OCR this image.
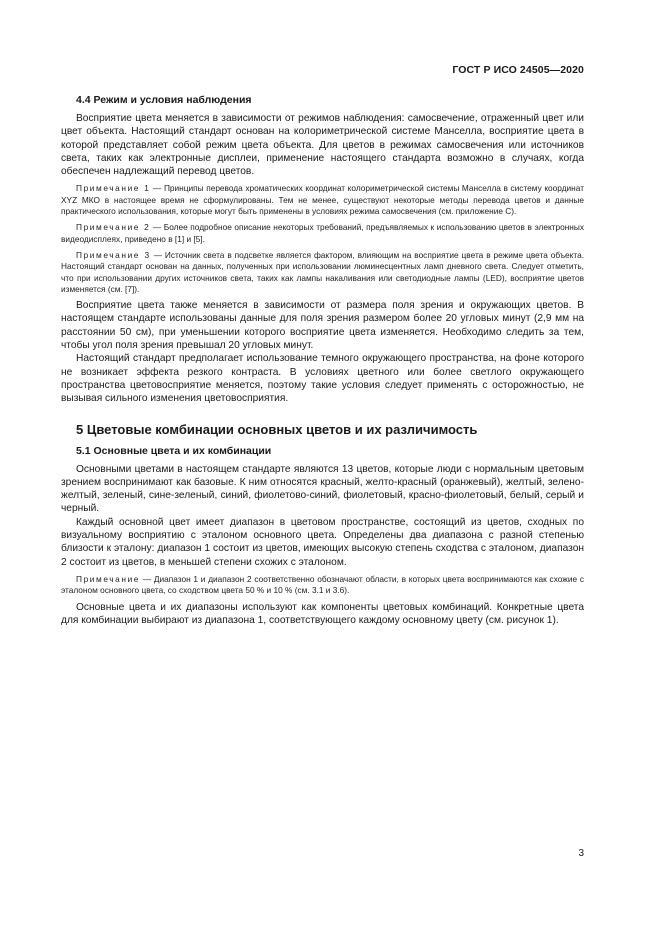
ГОСТ Р ИСО 24505—2020
4.4 Режим и условия наблюдения

Восприятие цвета меняется в зависимости от режимов наблюдения: самосвечение, отраженный цвет или цвет объекта. Настоящий стандарт основан на колориметрической системе Манселла, восприятие цвета в которой представляет собой режим цвета объекта. Для цветов в режимах самосвечения или источников света, таких как электронные дисплеи, применение настоящего стандарта возможно в случаях, когда обеспечен надлежащий перевод цветов.

Примечание 1 — Принципы перевода хроматических координат колориметрической системы Манселла в систему координат XYZ МКО в настоящее время не сформулированы. Тем не менее, существуют некоторые методы перевода цветов и данные практического использования, которые могут быть применены в условиях режима самосвечения (см. приложение С).

Примечание 2 — Более подробное описание некоторых требований, предъявляемых к использованию цветов в электронных видеодисплеях, приведено в [1] и [5].

Примечание 3 — Источник света в подсветке является фактором, влияющим на восприятие цвета в режиме цвета объекта. Настоящий стандарт основан на данных, полученных при использовании люминесцентных ламп дневного света. Следует отметить, что при использовании других источников света, таких как лампы накаливания или светодиодные лампы (LED), восприятие цветов изменяется (см. [7]).

Восприятие цвета также меняется в зависимости от размера поля зрения и окружающих цветов. В настоящем стандарте использованы данные для поля зрения размером более 20 угловых минут (2,9 мм на расстоянии 50 см), при уменьшении которого восприятие цвета изменяется. Необходимо следить за тем, чтобы угол поля зрения превышал 20 угловых минут.

Настоящий стандарт предполагает использование темного окружающего пространства, на фоне которого не возникает эффекта резкого контраста. В условиях цветного или более светлого окружающего пространства цветовосприятие меняется, поэтому такие условия следует применять с осторожностью, не вызывая сильного изменения цветовосприятия.

5 Цветовые комбинации основных цветов и их различимость
5.1 Основные цвета и их комбинации

Основными цветами в настоящем стандарте являются 13 цветов, которые люди с нормальным цветовым зрением воспринимают как базовые. К ним относятся красный, желто-красный (оранжевый), желтый, зелено-желтый, зеленый, сине-зеленый, синий, фиолетово-синий, фиолетовый, красно-фиолетовый, белый, серый и черный.

Каждый основной цвет имеет диапазон в цветовом пространстве, состоящий из цветов, сходных по визуальному восприятию с эталоном основного цвета. Определены два диапазона с разной степенью близости к эталону: диапазон 1 состоит из цветов, имеющих высокую степень сходства с эталоном, диапазон 2 состоит из цветов, в меньшей степени схожих с эталоном.

Примечание — Диапазон 1 и диапазон 2 соответственно обозначают области, в которых цвета воспринимаются как схожие с эталоном основного цвета, со сходством цвета 50 % и 10 % (см. 3.1 и 3.6).

Основные цвета и их диапазоны используют как компоненты цветовых комбинаций. Конкретные цвета для комбинации выбирают из диапазона 1, соответствующего каждому основному цвету (см. рисунок 1).

3
